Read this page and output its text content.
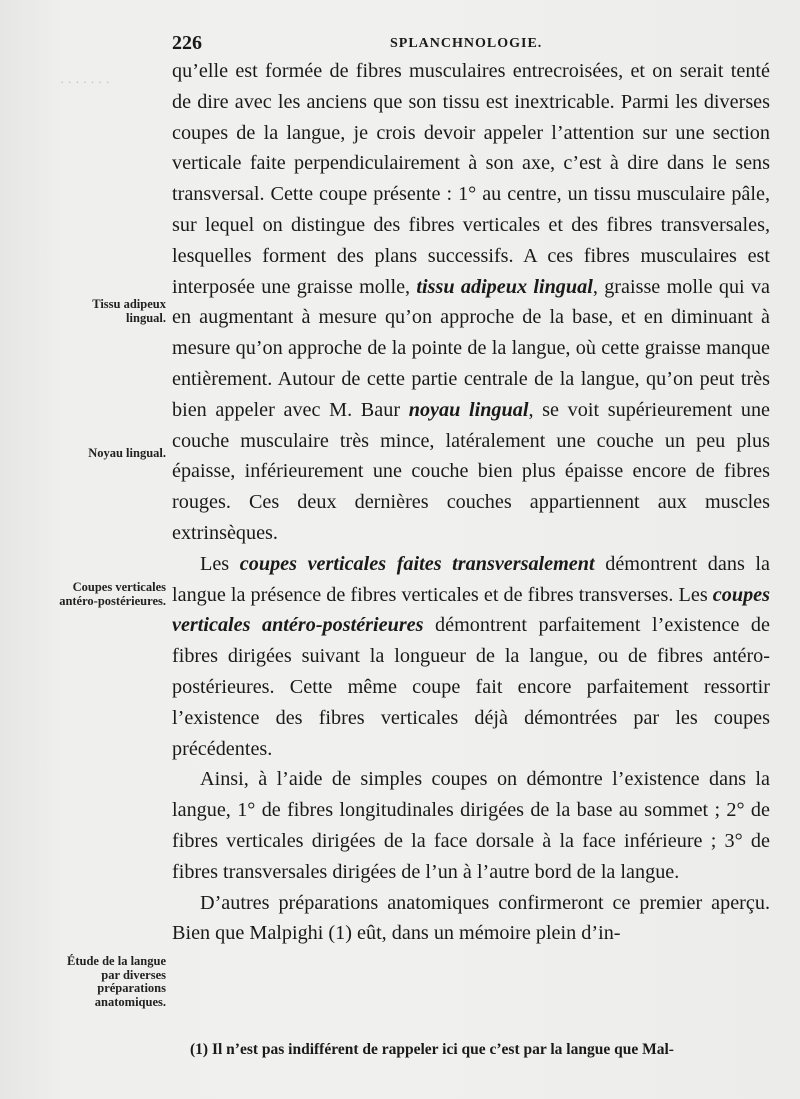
· · · · · · ·
226	SPLANCHNOLOGIE.
Tissu adipeux lingual.
Noyau lingual.
Coupes verticales antéro-postérieures.
Étude de la langue par diverses préparations anatomiques.

qu’elle est formée de fibres musculaires entrecroisées, et on serait tenté de dire avec les anciens que son tissu est inextricable. Parmi les diverses coupes de la langue, je crois devoir appeler l’attention sur une section verticale faite perpendiculairement à son axe, c’est à dire dans le sens transversal. Cette coupe présente : 1° au centre, un tissu musculaire pâle, sur lequel on distingue des fibres verticales et des fibres transversales, lesquelles forment des plans successifs. A ces fibres musculaires est interposée une graisse molle, tissu adipeux lingual, graisse molle qui va en augmentant à mesure qu’on approche de la base, et en diminuant à mesure qu’on approche de la pointe de la langue, où cette graisse manque entièrement. Autour de cette partie centrale de la langue, qu’on peut très bien appeler avec M. Baur noyau lingual, se voit supérieurement une couche musculaire très mince, latéralement une couche un peu plus épaisse, inférieurement une couche bien plus épaisse encore de fibres rouges. Ces deux dernières couches appartiennent aux muscles extrinsèques.

Les coupes verticales faites transversalement démontrent dans la langue la présence de fibres verticales et de fibres transverses. Les coupes verticales antéro-postérieures démontrent parfaitement l’existence de fibres dirigées suivant la longueur de la langue, ou de fibres antéro-postérieures. Cette même coupe fait encore parfaitement ressortir l’existence des fibres verticales déjà démontrées par les coupes précédentes.

Ainsi, à l’aide de simples coupes on démontre l’existence dans la langue, 1° de fibres longitudinales dirigées de la base au sommet ; 2° de fibres verticales dirigées de la face dorsale à la face inférieure ; 3° de fibres transversales dirigées de l’un à l’autre bord de la langue.

D’autres préparations anatomiques confirmeront ce premier aperçu. Bien que Malpighi (1) eût, dans un mémoire plein d’in-

(1) Il n’est pas indifférent de rappeler ici que c’est par la langue que Mal-
